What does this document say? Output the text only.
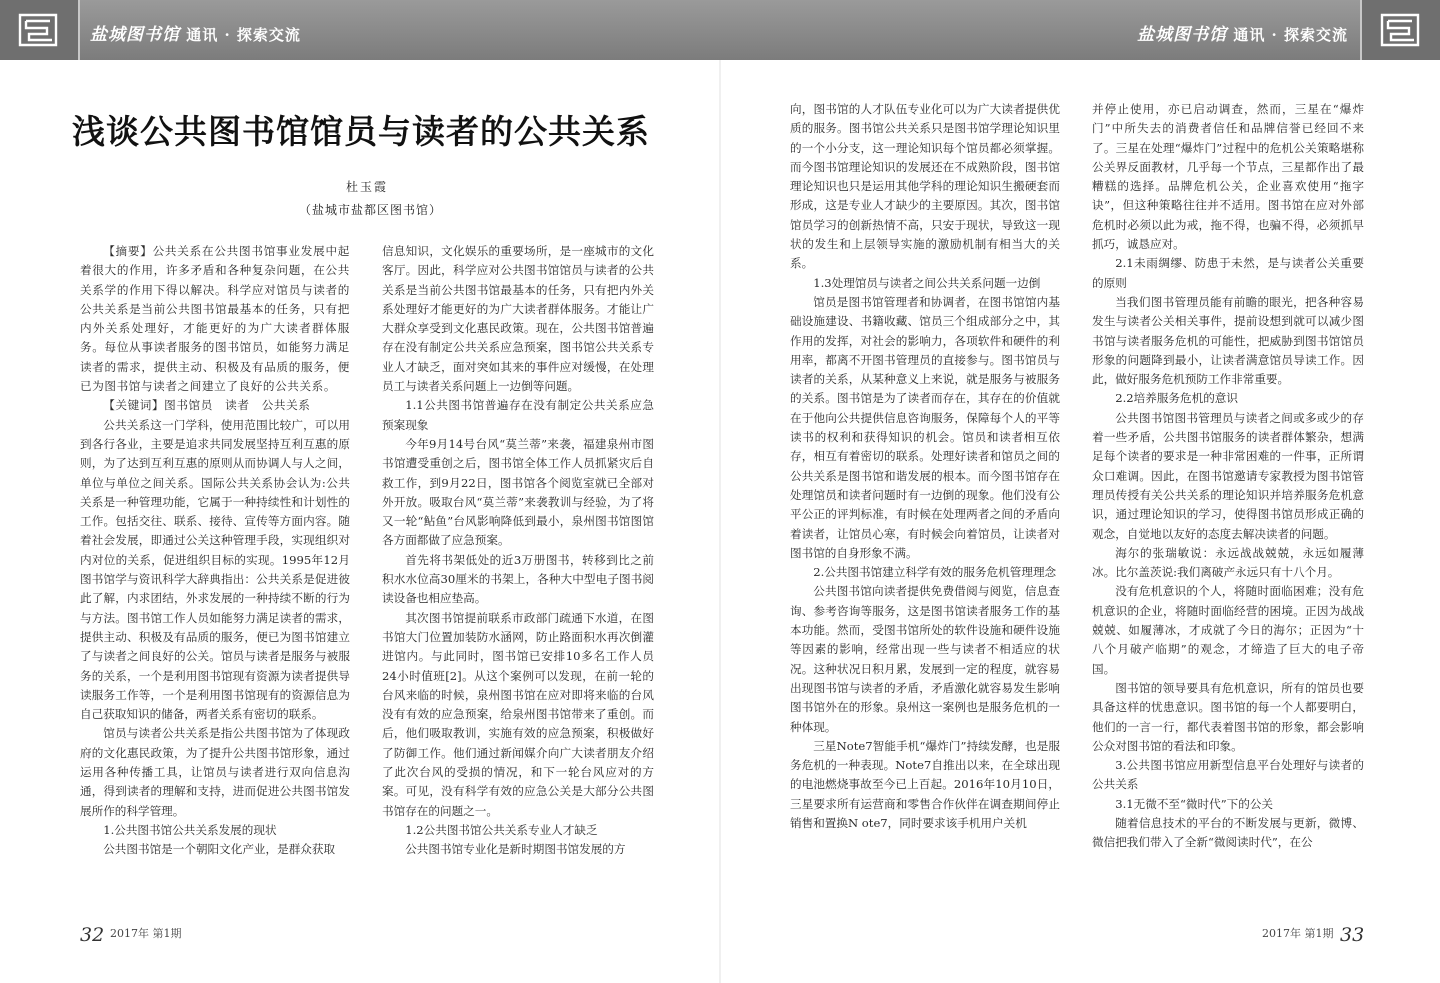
盐城图书馆 通讯 · 探索交流	盐城图书馆 通讯 · 探索交流
浅谈公共图书馆馆员与读者的公共关系
杜玉霞
（盐城市盐都区图书馆）

【摘要】公共关系在公共图书馆事业发展中起着很大的作用，许多矛盾和各种复杂问题，在公共关系学的作用下得以解决。科学应对馆员与读者的公共关系是当前公共图书馆最基本的任务，只有把内外关系处理好，才能更好的为广大读者群体服务。每位从事读者服务的图书馆员，如能努力满足读者的需求，提供主动、积极及有品质的服务，便已为图书馆与读者之间建立了良好的公共关系。

【关键词】图书馆员　读者　公共关系

公共关系这一门学科，使用范围比较广，可以用到各行各业，主要是追求共同发展坚持互利互惠的原则，为了达到互利互惠的原则从而协调人与人之间，单位与单位之间关系。国际公共关系协会认为:公共关系是一种管理功能，它属于一种持续性和计划性的工作。包括交往、联系、接待、宣传等方面内容。随着社会发展，即通过公关这种管理手段，实现组织对内对位的关系，促进组织目标的实现。1995年12月图书馆学与资讯科学大辞典指出：公共关系是促进彼此了解，内求团结，外求发展的一种持续不断的行为与方法。图书馆工作人员如能努力满足读者的需求，提供主动、积极及有品质的服务，便已为图书馆建立了与读者之间良好的公关。馆员与读者是服务与被服务的关系，一个是利用图书馆现有资源为读者提供导读服务工作等，一个是利用图书馆现有的资源信息为自己获取知识的储备，两者关系有密切的联系。

馆员与读者公共关系是指公共图书馆为了体现政府的文化惠民政策，为了提升公共图书馆形象，通过运用各种传播工具，让馆员与读者进行双向信息沟通，得到读者的理解和支持，进而促进公共图书馆发展所作的科学管理。

1.公共图书馆公共关系发展的现状

公共图书馆是一个朝阳文化产业，是群众获取

信息知识，文化娱乐的重要场所，是一座城市的文化客厅。因此，科学应对公共图书馆馆员与读者的公共关系是当前公共图书馆最基本的任务，只有把内外关系处理好才能更好的为广大读者群体服务。才能让广大群众享受到文化惠民政策。现在，公共图书馆普遍存在没有制定公共关系应急预案，图书馆公共关系专业人才缺乏，面对突如其来的事件应对缓慢，在处理员工与读者关系问题上一边倒等问题。

1.1公共图书馆普遍存在没有制定公共关系应急预案现象

今年9月14号台风“莫兰蒂”来袭，福建泉州市图书馆遭受重创之后，图书馆全体工作人员抓紧灾后自救工作，到9月22日，图书馆各个阅览室就已全部对外开放。吸取台风“莫兰蒂”来袭教训与经验，为了将又一轮“鲇鱼”台风影响降低到最小，泉州图书馆图馆各方面都做了应急预案。

首先将书架低处的近3万册图书，转移到比之前积水水位高30厘米的书架上，各种大中型电子图书阅读设备也相应垫高。

其次图书馆提前联系市政部门疏通下水道，在图书馆大门位置加装防水涵网，防止路面积水再次倒灌进馆内。与此同时，图书馆已安排10多名工作人员24小时值班[2]。从这个案例可以发现，在前一轮的台风来临的时候，泉州图书馆在应对即将来临的台风没有有效的应急预案，给泉州图书馆带来了重创。而后，他们吸取教训，实施有效的应急预案，积极做好了防御工作。他们通过新闻媒介向广大读者朋友介绍了此次台风的受损的情况，和下一轮台风应对的方案。可见，没有科学有效的应急公关是大部分公共图书馆存在的问题之一。

1.2公共图书馆公共关系专业人才缺乏

公共图书馆专业化是新时期图书馆发展的方

向，图书馆的人才队伍专业化可以为广大读者提供优质的服务。图书馆公共关系只是图书馆学理论知识里的一个小分支，这一理论知识每个馆员都必须掌握。而今图书馆理论知识的发展还在不成熟阶段，图书馆理论知识也只是运用其他学科的理论知识生搬硬套而形成，这是专业人才缺少的主要原因。其次，图书馆馆员学习的创新热情不高，只安于现状，导致这一现状的发生和上层领导实施的激励机制有相当大的关系。

1.3处理馆员与读者之间公共关系问题一边倒

馆员是图书馆管理者和协调者，在图书馆馆内基础设施建设、书籍收藏、馆员三个组成部分之中，其作用的发挥，对社会的影响力，各项软件和硬件的利用率，都离不开图书管理员的直接参与。图书馆员与读者的关系，从某种意义上来说，就是服务与被服务的关系。图书馆是为了读者而存在，其存在的价值就在于他向公共提供信息咨询服务，保障每个人的平等读书的权利和获得知识的机会。馆员和读者相互依存，相互有着密切的联系。处理好读者和馆员之间的公共关系是图书馆和谐发展的根本。而今图书馆存在处理馆员和读者问题时有一边倒的现象。他们没有公平公正的评判标准，有时候在处理两者之间的矛盾向着读者，让馆员心寒，有时候会向着馆员，让读者对图书馆的自身形象不满。

2.公共图书馆建立科学有效的服务危机管理理念

公共图书馆向读者提供免费借阅与阅览，信息查询、参考咨询等服务，这是图书馆读者服务工作的基本功能。然而，受图书馆所处的软件设施和硬件设施等因素的影响，经常出现一些与读者不相适应的状况。这种状况日积月累，发展到一定的程度，就容易出现图书馆与读者的矛盾，矛盾激化就容易发生影响图书馆外在的形象。泉州这一案例也是服务危机的一种体现。

三星Note7智能手机“爆炸门”持续发酵，也是服务危机的一种表现。Note7自推出以来，在全球出现的电池燃烧事故至今已上百起。2016年10月10日，三星要求所有运营商和零售合作伙伴在调查期间停止销售和置换N ote7，同时要求该手机用户关机

并停止使用，亦已启动调查，然而，三星在“爆炸门”中所失去的消费者信任和品牌信誉已经回不来了。三星在处理“爆炸门”过程中的危机公关策略堪称公关界反面教材，几乎每一个节点，三星都作出了最糟糕的选择。品牌危机公关，企业喜欢使用“拖字诀”，但这种策略往往并不适用。图书馆在应对外部危机时必须以此为戒，拖不得，也骗不得，必须抓早抓巧，诚恳应对。

2.1未雨绸缪、防患于未然，是与读者公关重要的原则

当我们图书管理员能有前瞻的眼光，把各种容易发生与读者公关相关事件，提前设想到就可以减少图书馆与读者服务危机的可能性，把威胁到图书馆馆员形象的问题降到最小，让读者满意馆员导读工作。因此，做好服务危机预防工作非常重要。

2.2培养服务危机的意识

公共图书馆图书管理员与读者之间或多或少的存着一些矛盾，公共图书馆服务的读者群体繁杂，想满足每个读者的要求是一种非常困难的一件事，正所谓众口难调。因此，在图书馆邀请专家教授为图书馆管理员传授有关公共关系的理论知识并培养服务危机意识，通过理论知识的学习，使得图书馆员形成正确的观念，自觉地以友好的态度去解决读者的问题。

海尔的张瑞敏说：永远战战兢兢，永远如履薄冰。比尔盖茨说:我们离破产永远只有十八个月。

没有危机意识的个人，将随时面临困难；没有危机意识的企业，将随时面临经营的困境。正因为战战兢兢、如履薄冰，才成就了今日的海尔；正因为“十八个月破产临期”的观念，才缔造了巨大的电子帝国。

图书馆的领导要具有危机意识，所有的馆员也要具备这样的忧患意识。图书馆的每一个人都要明白，他们的一言一行，都代表着图书馆的形象，都会影响公众对图书馆的看法和印象。

3.公共图书馆应用新型信息平台处理好与读者的公共关系

3.1无微不至“微时代”下的公关

随着信息技术的平台的不断发展与更新，微博、微信把我们带入了全新“微阅读时代”，在公

32 2017年 第1期	2017年 第1期 33
